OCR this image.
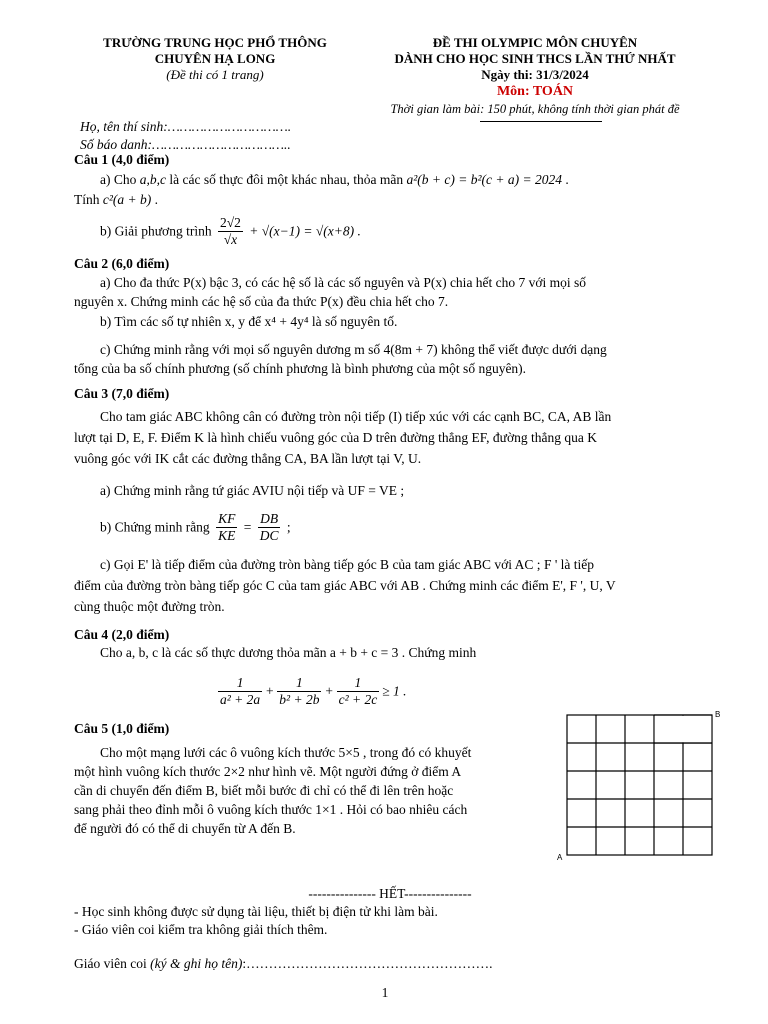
TRƯỜNG TRUNG HỌC PHỔ THÔNG
CHUYÊN HẠ LONG
(Đề thi có 1 trang)
ĐỀ THI OLYMPIC MÔN CHUYÊN
DÀNH CHO HỌC SINH THCS LẦN THỨ NHẤT
Ngày thi: 31/3/2024
Môn: TOÁN
Thời gian làm bài: 150 phút, không tính thời gian phát đề
Họ, tên thí sinh:………………………….
Số báo danh:……………………………..
Câu 1 (4,0 điểm)
a) Cho a,b,c là các số thực đôi một khác nhau, thỏa mãn a²(b + c) = b²(c + a) = 2024 .
Tính c²(a + b) .
b) Giải phương trình $\frac{2√2}{√x} + √(x-1) = √(x+8)$ .
Câu 2 (6,0 điểm)
a) Cho đa thức P(x) bậc 3, có các hệ số là các số nguyên và P(x) chia hết cho 7 với mọi số
nguyên x. Chứng minh các hệ số của đa thức P(x) đều chia hết cho 7.
b) Tìm các số tự nhiên x, y để x⁴ + 4y⁴ là số nguyên tố.
c) Chứng minh rằng với mọi số nguyên dương m số 4(8m + 7) không thể viết được dưới dạng
tổng của ba số chính phương (số chính phương là bình phương của một số nguyên).
Câu 3 (7,0 điểm)
Cho tam giác ABC không cân có đường tròn nội tiếp (I) tiếp xúc với các cạnh BC, CA, AB lần
lượt tại D, E, F. Điểm K là hình chiếu vuông góc của D trên đường thẳng EF, đường thẳng qua K
vuông góc với IK cắt các đường thẳng CA, BA lần lượt tại V, U.
a) Chứng minh rằng tứ giác AVIU nội tiếp và UF = VE ;
b) Chứng minh rằng $\frac{KF}{KE} = \frac{DB}{DC}$ ;
c) Gọi E' là tiếp điểm của đường tròn bàng tiếp góc B của tam giác ABC với AC ; F ' là tiếp
điểm của đường tròn bàng tiếp góc C của tam giác ABC với AB . Chứng minh các điểm E', F ', U, V
cùng thuộc một đường tròn.
Câu 4 (2,0 điểm)
Cho a, b, c là các số thực dương thỏa mãn a + b + c = 3 . Chứng minh
$\frac{1}{\text{a² + 2a}} + \frac{1}{\text{b² + 2b}} + \frac{1}{\text{c² + 2c}} \ge 1$ .
Câu 5 (1,0 điểm)
Cho một mạng lưới các ô vuông kích thước 5×5 , trong đó có khuyết
một hình vuông kích thước 2×2 như hình vẽ. Một người đứng ở điểm A
cần di chuyển đến điểm B, biết mỗi bước đi chỉ có thể đi lên trên hoặc
sang phải theo đỉnh mỗi ô vuông kích thước 1×1 . Hỏi có bao nhiêu cách
để người đó có thể di chuyển từ A đến B.
B
A
--------------- HẾT---------------
- Học sinh không được sử dụng tài liệu, thiết bị điện tử khi làm bài.
- Giáo viên coi kiểm tra không giải thích thêm.
Giáo viên coi (ký & ghi họ tên):……………………………………………….
1
